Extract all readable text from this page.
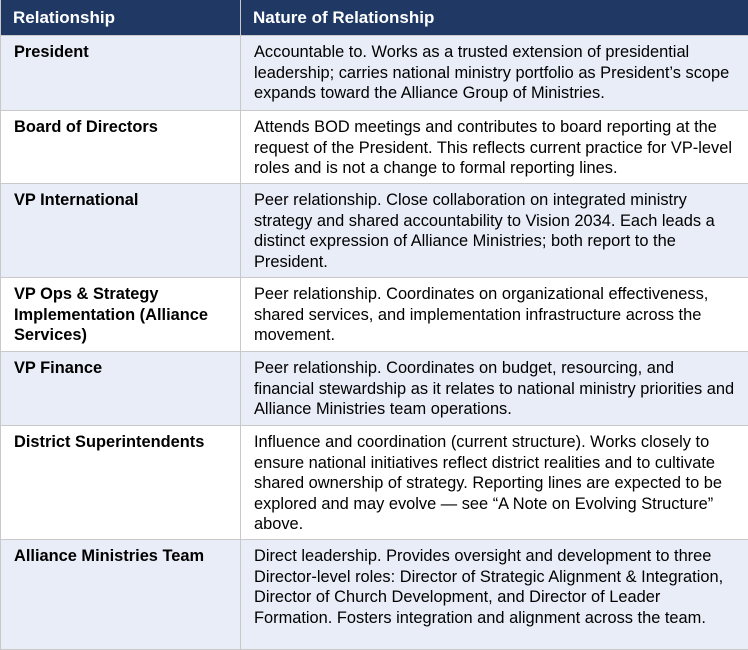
Relationship	Nature of Relationship
President	Accountable to. Works as a trusted extension of presidential leadership; carries national ministry portfolio as President’s scope expands toward the Alliance Group of Ministries.
Board of Directors	Attends BOD meetings and contributes to board reporting at the request of the President. This reflects current practice for VP-level roles and is not a change to formal reporting lines.
VP International	Peer relationship. Close collaboration on integrated ministry strategy and shared accountability to Vision 2034. Each leads a distinct expression of Alliance Ministries; both report to the President.
VP Ops & Strategy Implementation (Alliance Services)	Peer relationship. Coordinates on organizational effectiveness, shared services, and implementation infrastructure across the movement.
VP Finance	Peer relationship. Coordinates on budget, resourcing, and financial stewardship as it relates to national ministry priorities and Alliance Ministries team operations.
District Superintendents	Influence and coordination (current structure). Works closely to ensure national initiatives reflect district realities and to cultivate shared ownership of strategy. Reporting lines are expected to be explored and may evolve — see “A Note on Evolving Structure” above.
Alliance Ministries Team	Direct leadership. Provides oversight and development to three Director-level roles: Director of Strategic Alignment & Integration, Director of Church Development, and Director of Leader Formation. Fosters integration and alignment across the team.
